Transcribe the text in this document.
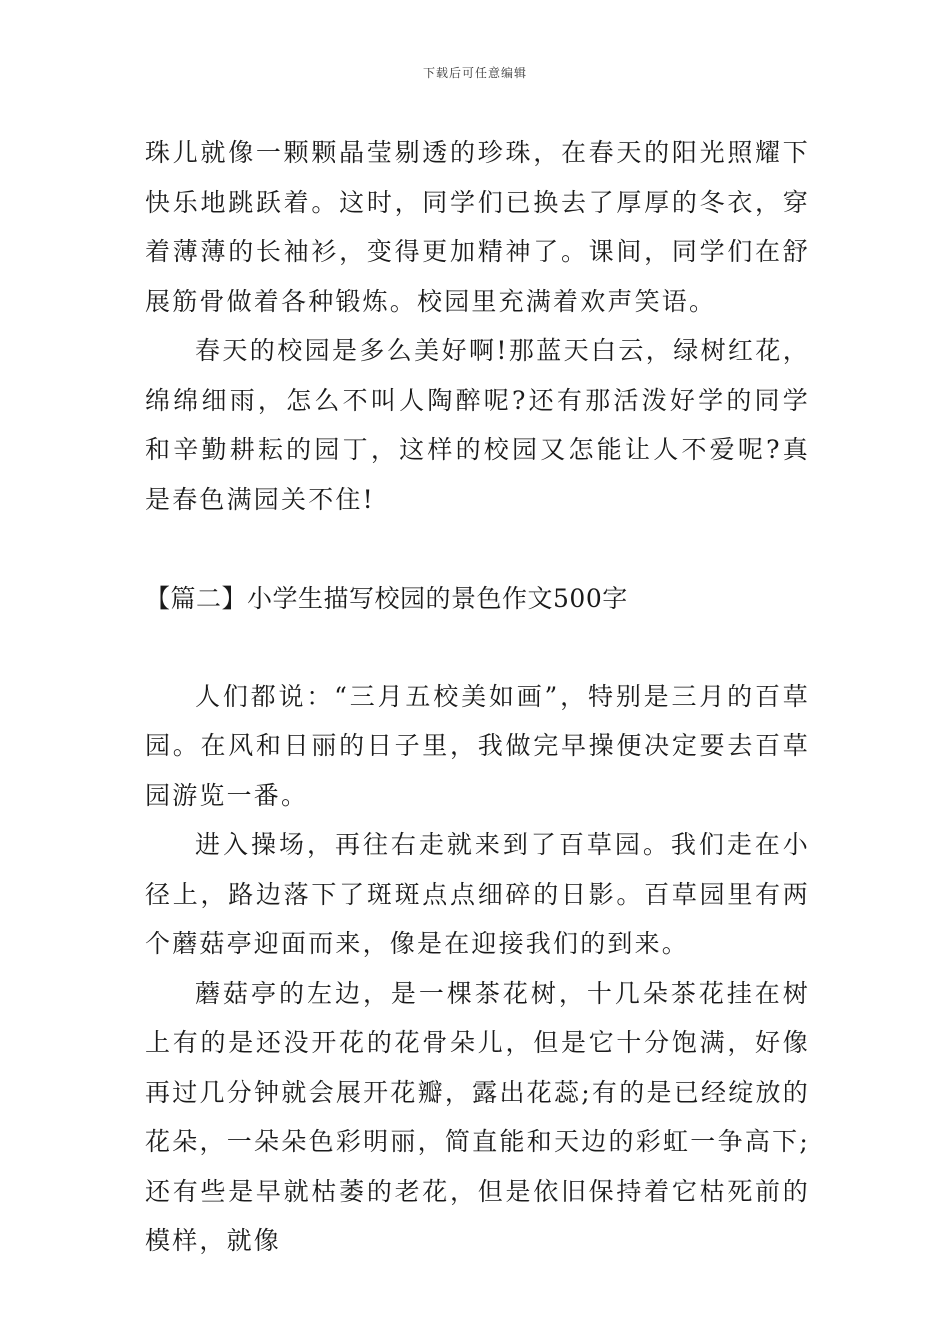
下载后可任意编辑

珠儿就像一颗颗晶莹剔透的珍珠，在春天的阳光照耀下快乐地跳跃着。这时，同学们已换去了厚厚的冬衣，穿着薄薄的长袖衫，变得更加精神了。课间，同学们在舒展筋骨做着各种锻炼。校园里充满着欢声笑语。

春天的校园是多么美好啊!那蓝天白云，绿树红花，绵绵细雨，怎么不叫人陶醉呢?还有那活泼好学的同学和辛勤耕耘的园丁，这样的校园又怎能让人不爱呢?真是春色满园关不住!

【篇二】小学生描写校园的景色作文500字

人们都说：“三月五校美如画”，特别是三月的百草园。在风和日丽的日子里，我做完早操便决定要去百草园游览一番。

进入操场，再往右走就来到了百草园。我们走在小径上，路边落下了斑斑点点细碎的日影。百草园里有两个蘑菇亭迎面而来，像是在迎接我们的到来。

蘑菇亭的左边，是一棵茶花树，十几朵茶花挂在树上有的是还没开花的花骨朵儿，但是它十分饱满，好像再过几分钟就会展开花瓣，露出花蕊;有的是已经绽放的花朵，一朵朵色彩明丽，简直能和天边的彩虹一争高下;还有些是早就枯萎的老花，但是依旧保持着它枯死前的模样，就像
